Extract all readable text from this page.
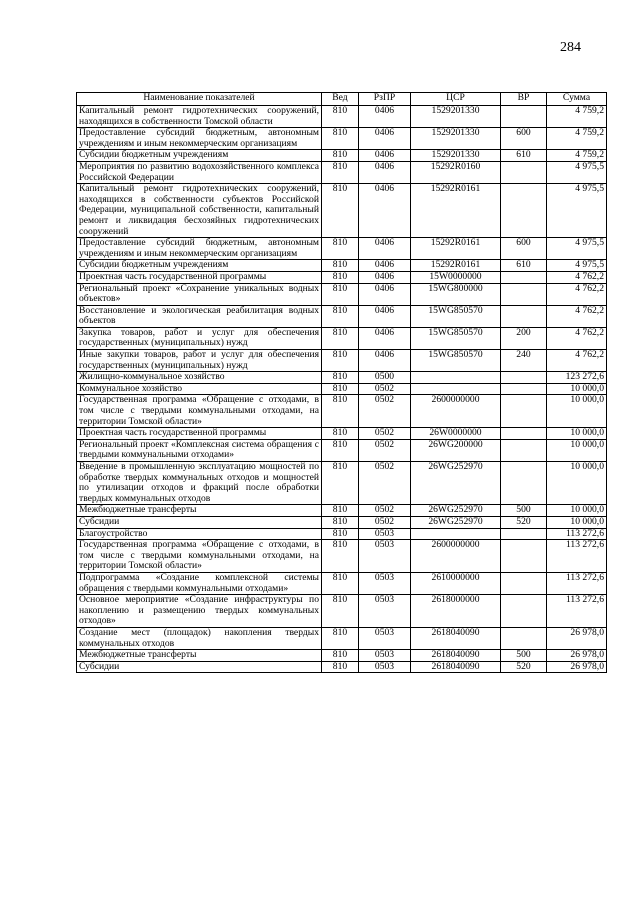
284
Наименование показателей	Вед	РзПР	ЦСР	ВР	Сумма
Капитальный ремонт гидротехнических сооружений, находящихся в собственности Томской области	810	0406	1529201330		4 759,2
Предоставление субсидий бюджетным, автономным учреждениям и иным некоммерческим организациям	810	0406	1529201330	600	4 759,2
Субсидии бюджетным учреждениям	810	0406	1529201330	610	4 759,2
Мероприятия по развитию водохозяйственного комплекса Российской Федерации	810	0406	15292R0160		4 975,5
Капитальный ремонт гидротехнических сооружений, находящихся в собственности субъектов Российской Федерации, муниципальной собственности, капитальный ремонт и ликвидация бесхозяйных гидротехнических сооружений	810	0406	15292R0161		4 975,5
Предоставление субсидий бюджетным, автономным учреждениям и иным некоммерческим организациям	810	0406	15292R0161	600	4 975,5
Субсидии бюджетным учреждениям	810	0406	15292R0161	610	4 975,5
Проектная часть государственной программы	810	0406	15W0000000		4 762,2
Региональный проект «Сохранение уникальных водных объектов»	810	0406	15WG800000		4 762,2
Восстановление и экологическая реабилитация водных объектов	810	0406	15WG850570		4 762,2
Закупка товаров, работ и услуг для обеспечения государственных (муниципальных) нужд	810	0406	15WG850570	200	4 762,2
Иные закупки товаров, работ и услуг для обеспечения государственных (муниципальных) нужд	810	0406	15WG850570	240	4 762,2
Жилищно-коммунальное хозяйство	810	0500			123 272,6
Коммунальное хозяйство	810	0502			10 000,0
Государственная программа «Обращение с отходами, в том числе с твердыми коммунальными отходами, на территории Томской области»	810	0502	2600000000		10 000,0
Проектная часть государственной программы	810	0502	26W0000000		10 000,0
Региональный проект «Комплексная система обращения с твердыми коммунальными отходами»	810	0502	26WG200000		10 000,0
Введение в промышленную эксплуатацию мощностей по обработке твердых коммунальных отходов и мощностей по утилизации отходов и фракций после обработки твердых коммунальных отходов	810	0502	26WG252970		10 000,0
Межбюджетные трансферты	810	0502	26WG252970	500	10 000,0
Субсидии	810	0502	26WG252970	520	10 000,0
Благоустройство	810	0503			113 272,6
Государственная программа «Обращение с отходами, в том числе с твердыми коммунальными отходами, на территории Томской области»	810	0503	2600000000		113 272,6
Подпрограмма «Создание комплексной системы обращения с твердыми коммунальными отходами»	810	0503	2610000000		113 272,6
Основное мероприятие «Создание инфраструктуры по накоплению и размещению твердых коммунальных отходов»	810	0503	2618000000		113 272,6
Создание мест (площадок) накопления твердых коммунальных отходов	810	0503	2618040090		26 978,0
Межбюджетные трансферты	810	0503	2618040090	500	26 978,0
Субсидии	810	0503	2618040090	520	26 978,0
